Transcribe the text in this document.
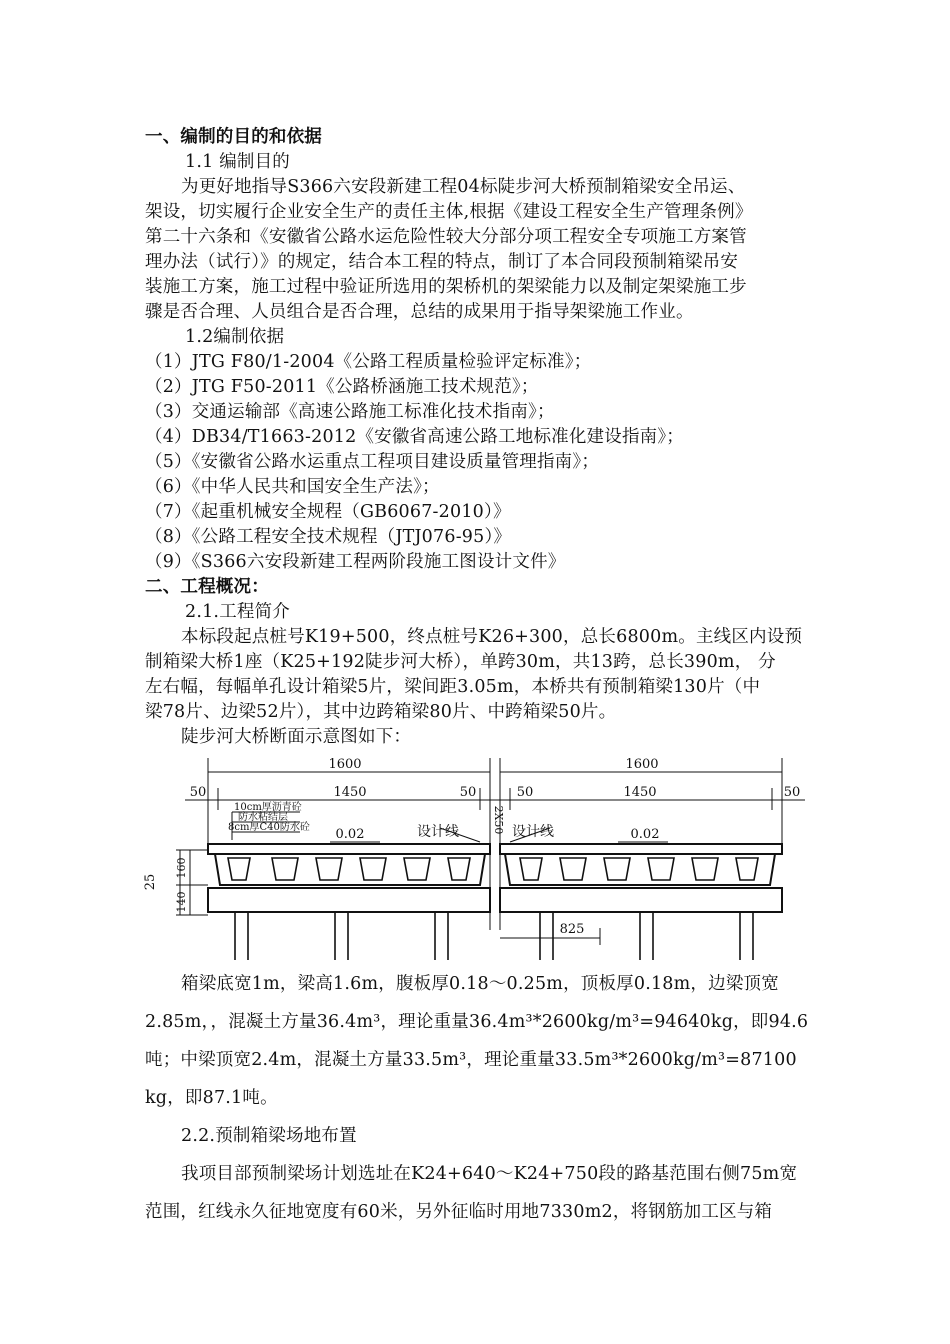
一、编制的目的和依据
1.1 编制目的
为更好地指导S366六安段新建工程04标陡步河大桥预制箱梁安全吊运、
架设，切实履行企业安全生产的责任主体,根据《建设工程安全生产管理条例》
第二十六条和《安徽省公路水运危险性较大分部分项工程安全专项施工方案管
理办法（试行）》的规定，结合本工程的特点，制订了本合同段预制箱梁吊安
装施工方案，施工过程中验证所选用的架桥机的架梁能力以及制定架梁施工步
骤是否合理、人员组合是否合理，总结的成果用于指导架梁施工作业。
1.2编制依据
（1）JTG F80/1-2004《公路工程质量检验评定标准》；
（2）JTG F50-2011《公路桥涵施工技术规范》；
（3）交通运输部《高速公路施工标准化技术指南》；
（4）DB34/T1663-2012《安徽省高速公路工地标准化建设指南》；
（5）《安徽省公路水运重点工程项目建设质量管理指南》；
（6）《中华人民共和国安全生产法》；
（7）《起重机械安全规程（GB6067-2010）》
（8）《公路工程安全技术规程（JTJ076-95）》
（9）《S366六安段新建工程两阶段施工图设计文件》
二、工程概况：
2.1.工程简介
本标段起点桩号K19+500，终点桩号K26+300，总长6800m。主线区内设预
制箱梁大桥1座（K25+192陡步河大桥），单跨30m，共13跨，总长390m， 分
左右幅，每幅单孔设计箱梁5片，梁间距3.05m，本桥共有预制箱梁130片（中
梁78片、边梁52片），其中边跨箱梁80片、中跨箱梁50片。
陡步河大桥断面示意图如下：
1600	1600
50	1450	50	50	1450	50
2X50
10cm厚沥青砼
防水粘结层
8cm厚C40防水砼 0.02	0.02
设计线	设计线
25
160
140
825
箱梁底宽1m，梁高1.6m，腹板厚0.18～0.25m，顶板厚0.18m，边梁顶宽
2.85m，，混凝土方量36.4m³，理论重量36.4m³*2600kg/m³=94640kg，即94.6
吨；中梁顶宽2.4m，混凝土方量33.5m³，理论重量33.5m³*2600kg/m³=87100
kg，即87.1吨。
2.2.预制箱梁场地布置
我项目部预制梁场计划选址在K24+640～K24+750段的路基范围右侧75m宽
范围，红线永久征地宽度有60米，另外征临时用地7330m2，将钢筋加工区与箱
